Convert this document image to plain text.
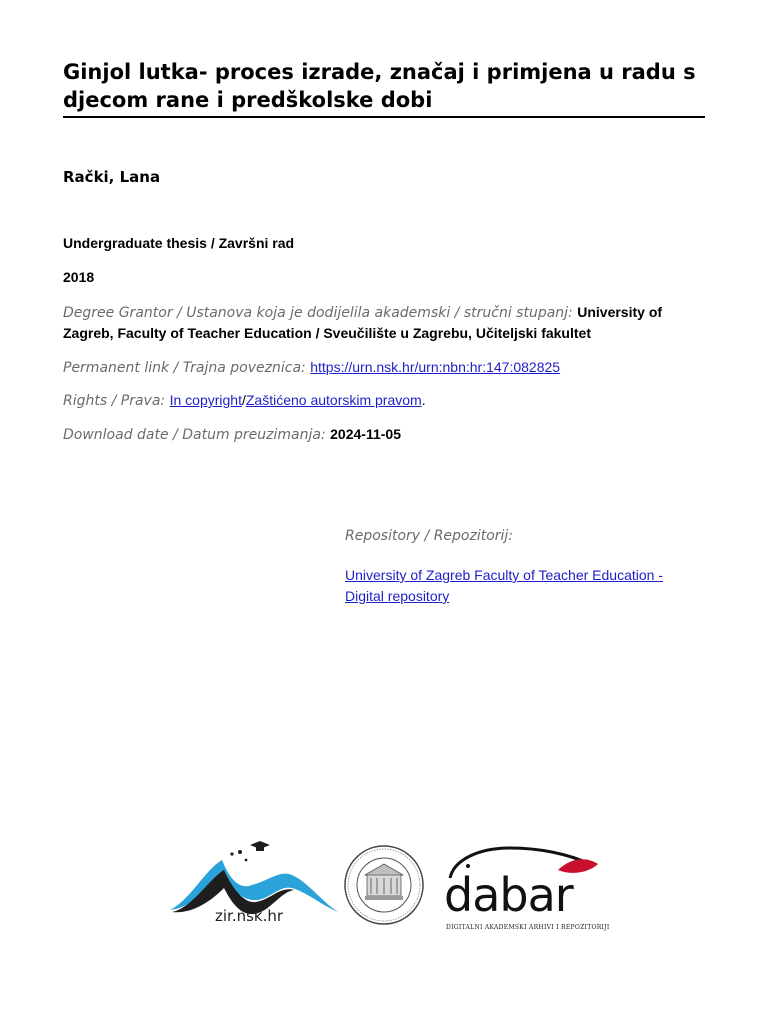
Ginjol lutka- proces izrade, značaj i primjena u radu s djecom rane i predškolske dobi
Rački, Lana
Undergraduate thesis / Završni rad
2018
Degree Grantor / Ustanova koja je dodijelila akademski / stručni stupanj: University of Zagreb, Faculty of Teacher Education / Sveučilište u Zagrebu, Učiteljski fakultet
Permanent link / Trajna poveznica: https://urn.nsk.hr/urn:nbn:hr:147:082825
Rights / Prava: In copyright/Zaštićeno autorskim pravom.
Download date / Datum preuzimanja: 2024-11-05
Repository / Repozitorij:
University of Zagreb Faculty of Teacher Education - Digital repository
zir.nsk.hr	dabar
DIGITALNI AKADEMSKI ARHIVI I REPOZITORIJI
